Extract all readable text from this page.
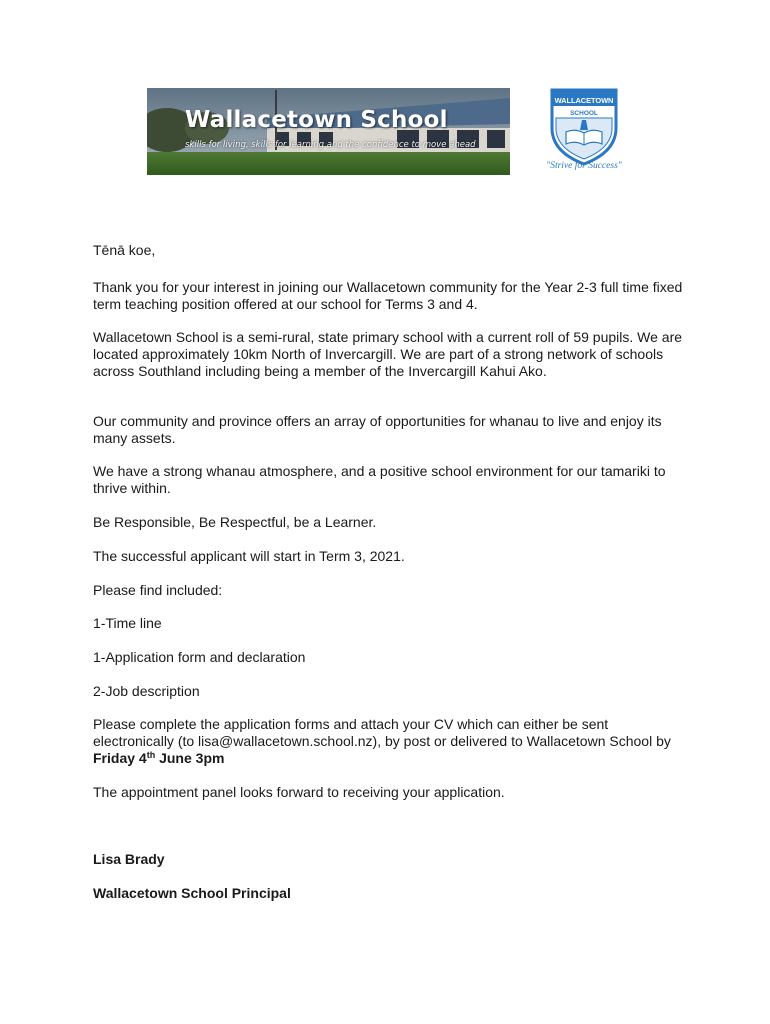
Wallacetown School
skills for living, skills for learning and the confidence to move ahead
WALLACETOWN
SCHOOL
"Strive for Success"

Tēnā koe,

Thank you for your interest in joining our Wallacetown community for the Year 2-3 full time fixed term teaching position offered at our school for Terms 3 and 4.

Wallacetown School is a semi-rural, state primary school with a current roll of 59 pupils. We are located approximately 10km North of Invercargill. We are part of a strong network of schools across Southland including being a member of the Invercargill Kahui Ako.

Our community and province offers an array of opportunities for whanau to live and enjoy its many assets.

We have a strong whanau atmosphere, and a positive school environment for our tamariki to thrive within.

Be Responsible, Be Respectful, be a Learner.

The successful applicant will start in Term 3, 2021.

Please find included:

1-Time line

1-Application form and declaration

2-Job description

Please complete the application forms and attach your CV which can either be sent electronically (to lisa@wallacetown.school.nz), by post or delivered to Wallacetown School by Friday 4th June 3pm

The appointment panel looks forward to receiving your application.

Lisa Brady

Wallacetown School Principal
